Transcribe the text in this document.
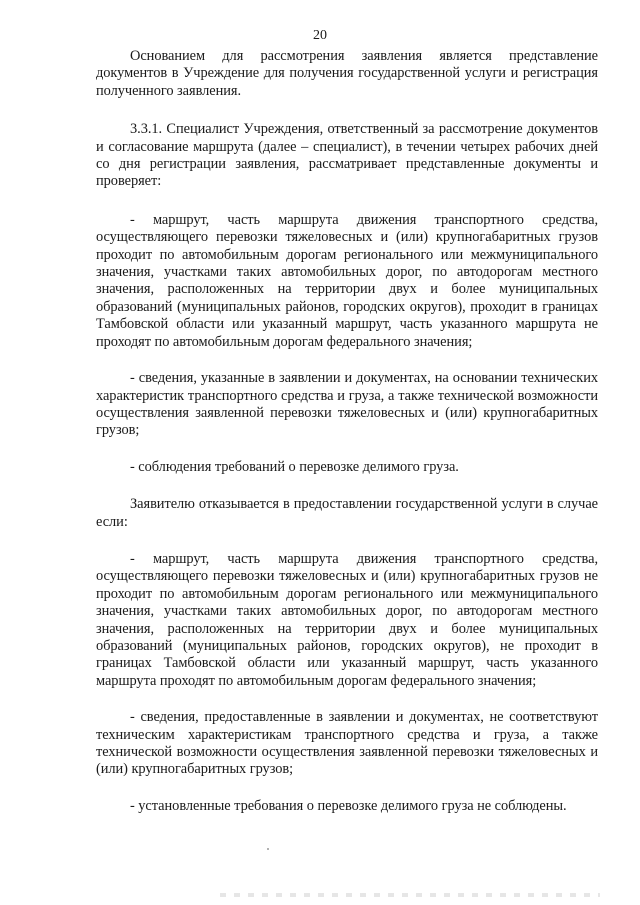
20

Основанием для рассмотрения заявления является представление документов в Учреждение для получения государственной услуги и регистрация полученного заявления.

3.3.1. Специалист Учреждения, ответственный за рассмотрение документов и согласование маршрута (далее – специалист), в течении четырех рабочих дней со дня регистрации заявления, рассматривает представленные документы и проверяет:

- маршрут, часть маршрута движения транспортного средства, осуществляющего перевозки тяжеловесных и (или) крупногабаритных грузов проходит по автомобильным дорогам регионального или межмуниципального значения, участками таких автомобильных дорог, по автодорогам местного значения, расположенных на территории двух и более муниципальных образований (муниципальных районов, городских округов), проходит в границах Тамбовской области или указанный маршрут, часть указанного маршрута не проходят по автомобильным дорогам федерального значения;

- сведения, указанные в заявлении и документах, на основании технических характеристик транспортного средства и груза, а также технической возможности осуществления заявленной перевозки тяжеловесных и (или) крупногабаритных грузов;

- соблюдения требований о перевозке делимого груза.

Заявителю отказывается в предоставлении государственной услуги в случае если:

- маршрут, часть маршрута движения транспортного средства, осуществляющего перевозки тяжеловесных и (или) крупногабаритных грузов не проходит по автомобильным дорогам регионального или межмуниципального значения, участками таких автомобильных дорог, по автодорогам местного значения, расположенных на территории двух и более муниципальных образований (муниципальных районов, городских округов), не проходит в границах Тамбовской области или указанный маршрут, часть указанного маршрута проходят по автомобильным дорогам федерального значения;

- сведения, предоставленные в заявлении и документах, не соответствуют техническим характеристикам транспортного средства и груза, а также технической возможности осуществления заявленной перевозки тяжеловесных и (или) крупногабаритных грузов;

- установленные требования о перевозке делимого груза не соблюдены.
